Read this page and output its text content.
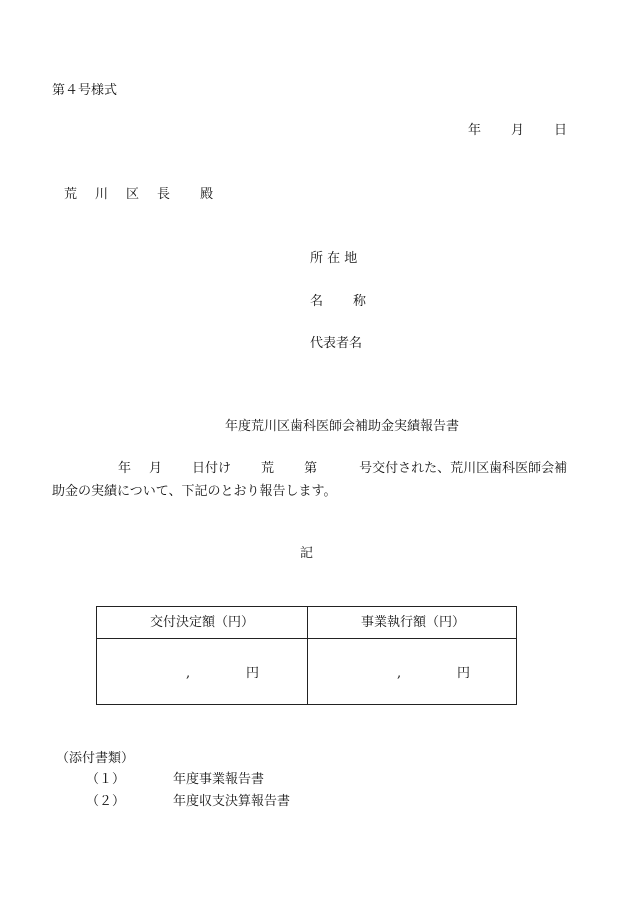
第４号様式
年 月 日
荒 川 区 長 殿
所 在 地
名 称
代表者名
年度荒川区歯科医師会補助金実績報告書
年 月 日付け 荒 第	号交付された、荒川区歯科医師会補
助金の実績について、下記のとおり報告します。
記
交付決定額（円）	事業執行額（円）
,	円	,	円
（添付書類）
（１）	年度事業報告書
（２）	年度収支決算報告書
